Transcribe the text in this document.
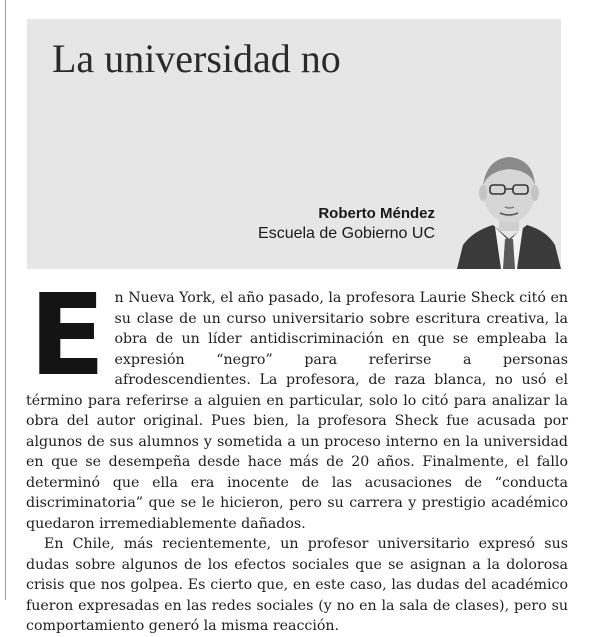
La universidad no
Roberto Méndez
Escuela de Gobierno UC

En Nueva York, el año pasado, la profesora Laurie Sheck citó en su clase de un curso universitario sobre escritura creativa, la obra de un líder antidiscriminación en que se empleaba la expresión “negro” para referirse a personas afrodescendientes. La profesora, de raza blanca, no usó el término para referirse a alguien en particular, solo lo citó para analizar la obra del autor original. Pues bien, la profesora Sheck fue acusada por algunos de sus alumnos y sometida a un proceso interno en la universidad en que se desempeña desde hace más de 20 años. Finalmente, el fallo determinó que ella era inocente de las acusaciones de “conducta discriminatoria” que se le hicieron, pero su carrera y prestigio académico quedaron irremediablemente dañados.

En Chile, más recientemente, un profesor universitario expresó sus dudas sobre algunos de los efectos sociales que se asignan a la dolorosa crisis que nos golpea. Es cierto que, en este caso, las dudas del académico fueron expresadas en las redes sociales (y no en la sala de clases), pero su comportamiento generó la misma reacción.
